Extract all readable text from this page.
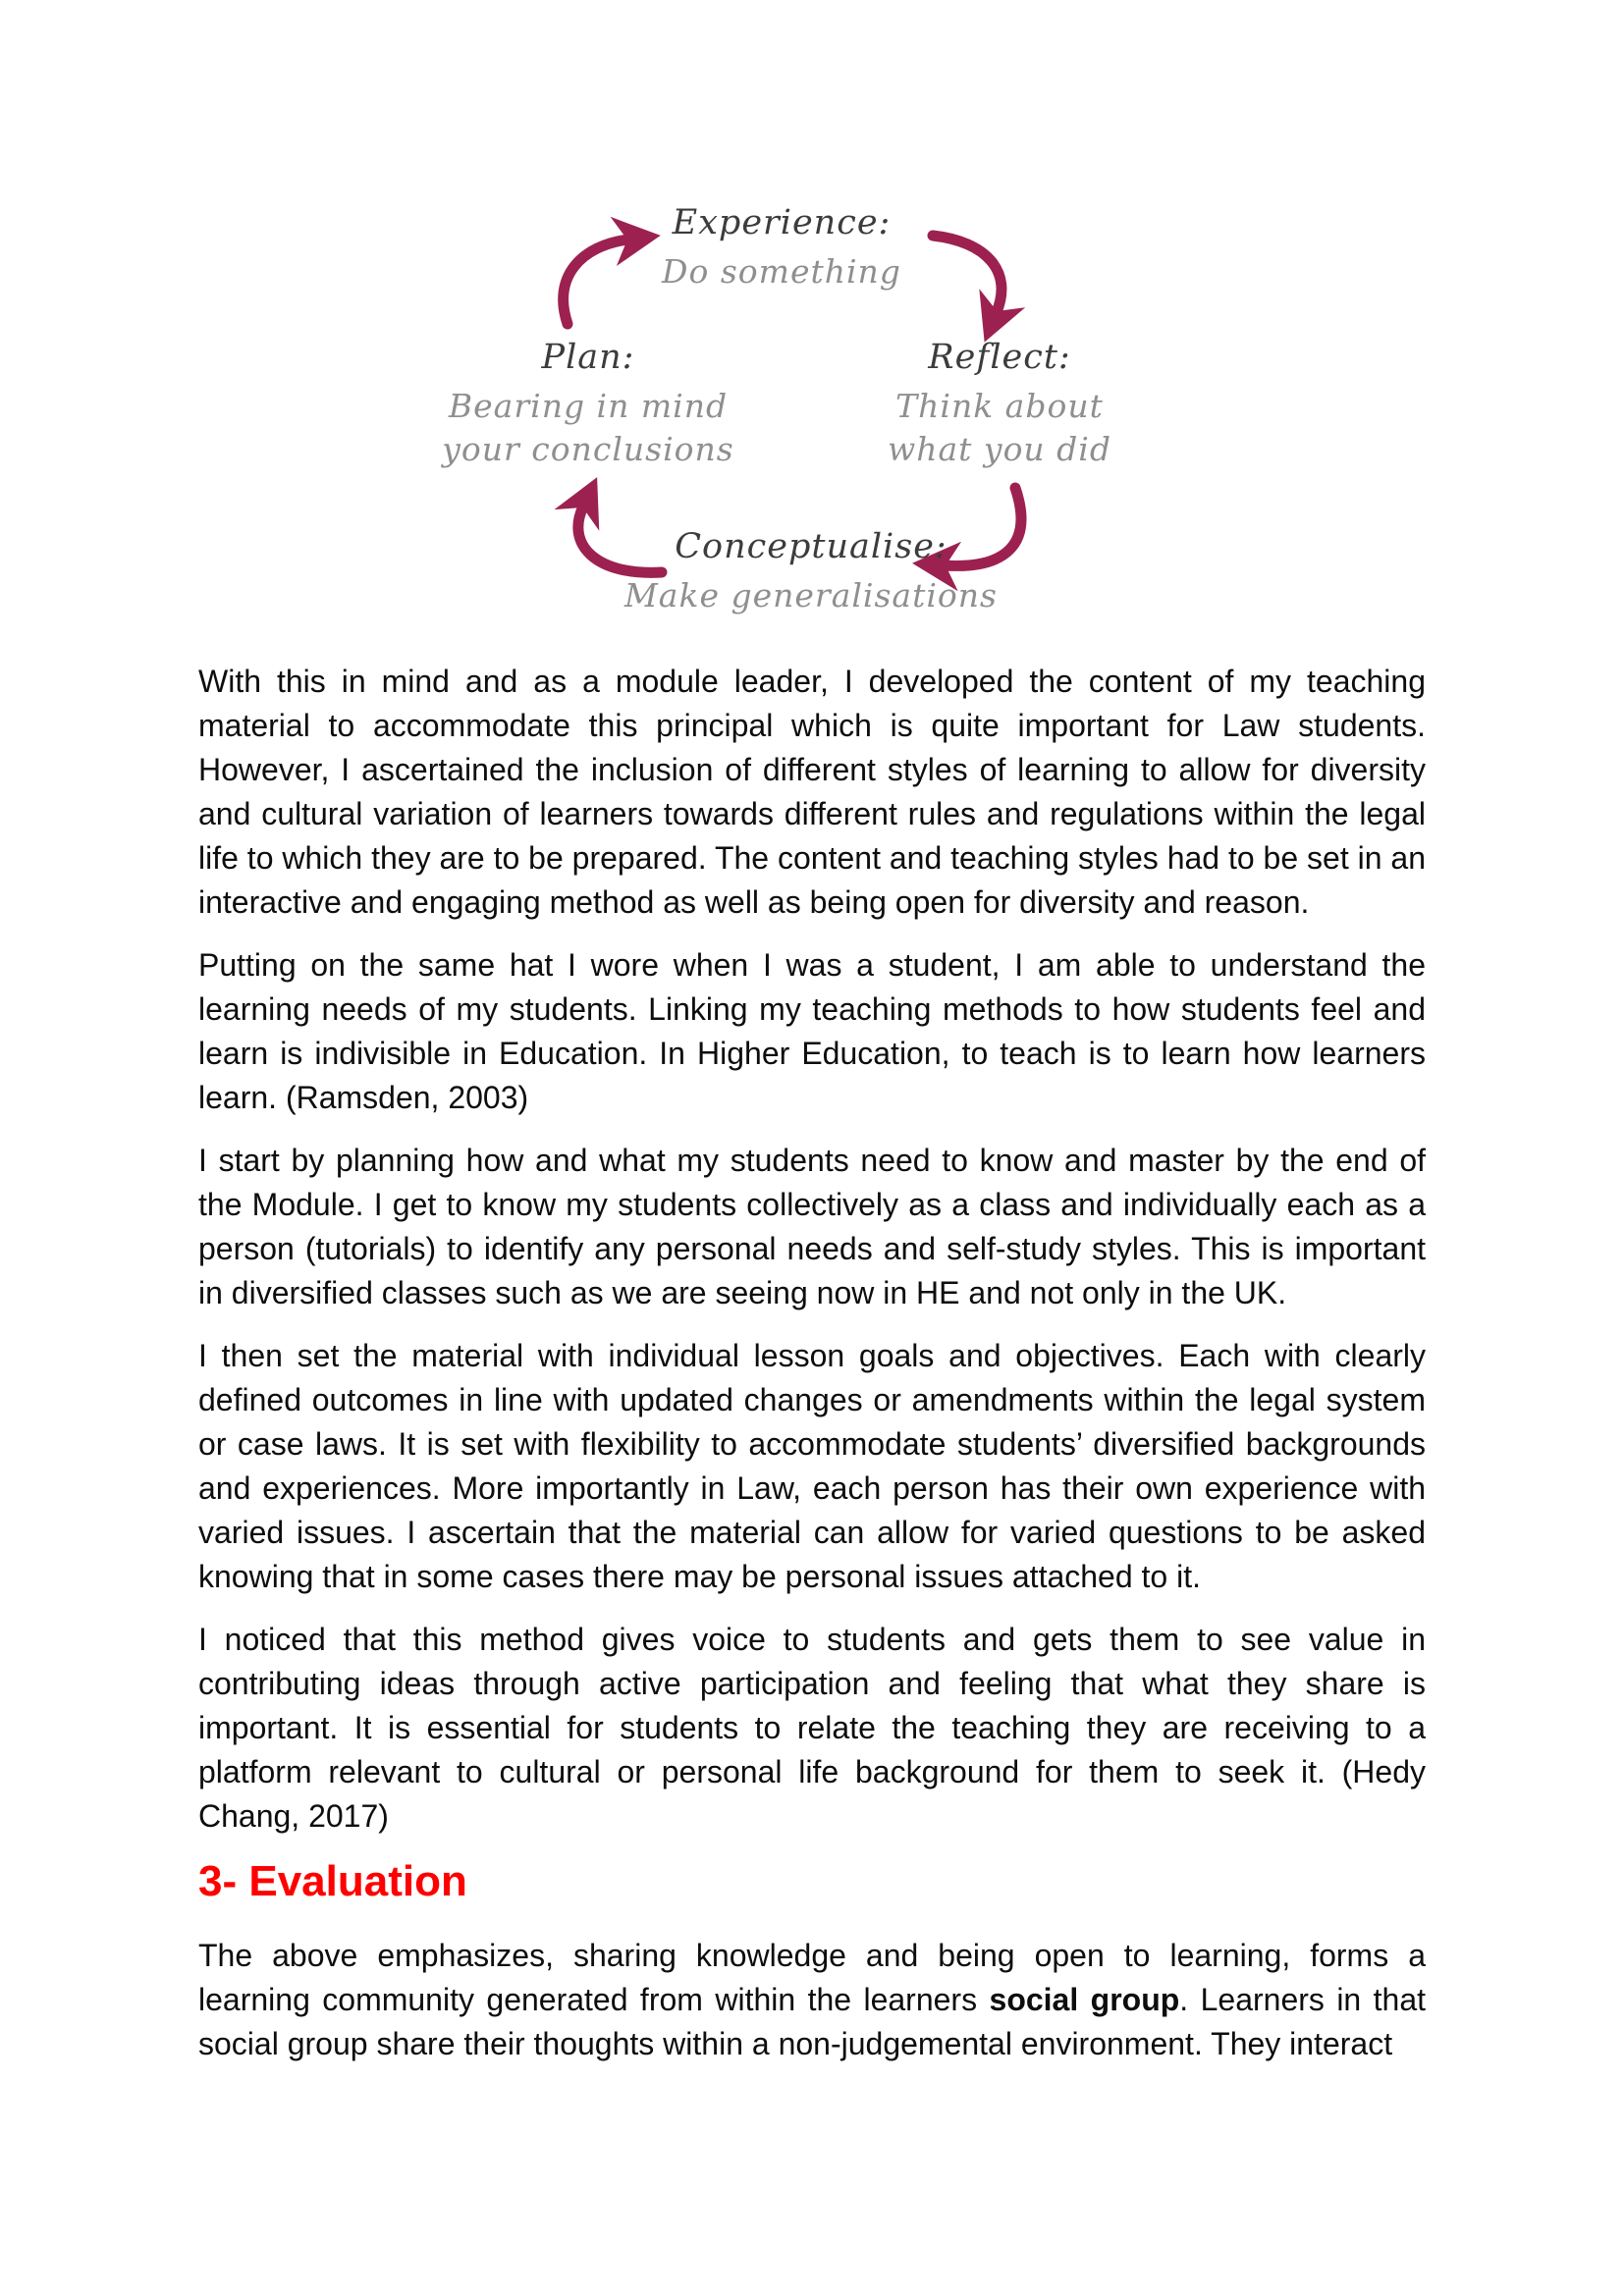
Experience:
Do something
Plan:
Bearing in mind
your conclusions
Reflect:
Think about
what you did
Conceptualise:
Make generalisations

With this in mind and as a module leader, I developed the content of my teaching material to accommodate this principal which is quite important for Law students. However, I ascertained the inclusion of different styles of learning to allow for diversity and cultural variation of learners towards different rules and regulations within the legal life to which they are to be prepared. The content and teaching styles had to be set in an interactive and engaging method as well as being open for diversity and reason.

Putting on the same hat I wore when I was a student, I am able to understand the learning needs of my students. Linking my teaching methods to how students feel and learn is indivisible in Education. In Higher Education, to teach is to learn how learners learn. (Ramsden, 2003)

I start by planning how and what my students need to know and master by the end of the Module. I get to know my students collectively as a class and individually each as a person (tutorials) to identify any personal needs and self-study styles. This is important in diversified classes such as we are seeing now in HE and not only in the UK.

I then set the material with individual lesson goals and objectives. Each with clearly defined outcomes in line with updated changes or amendments within the legal system or case laws. It is set with flexibility to accommodate students’ diversified backgrounds and experiences. More importantly in Law, each person has their own experience with varied issues. I ascertain that the material can allow for varied questions to be asked knowing that in some cases there may be personal issues attached to it.

I noticed that this method gives voice to students and gets them to see value in contributing ideas through active participation and feeling that what they share is important. It is essential for students to relate the teaching they are receiving to a platform relevant to cultural or personal life background for them to seek it. (Hedy Chang, 2017)

3- Evaluation

The above emphasizes, sharing knowledge and being open to learning, forms a learning community generated from within the learners social group. Learners in that social group share their thoughts within a non-judgemental environment. They interact
